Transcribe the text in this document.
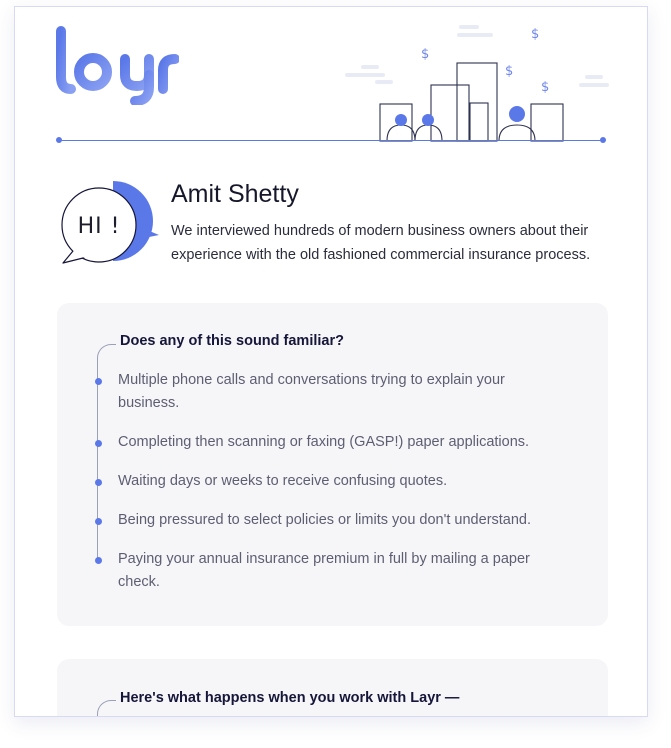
$
$
$
$
HI !
Amit Shetty

We interviewed hundreds of modern business owners about their experience with the old fashioned commercial insurance process.

Does any of this sound familiar?
Multiple phone calls and conversations trying to explain your business.
Completing then scanning or faxing (GASP!) paper applications.
Waiting days or weeks to receive confusing quotes.
Being pressured to select policies or limits you don't understand.
Paying your annual insurance premium in full by mailing a paper check.
Here's what happens when you work with Layr —
